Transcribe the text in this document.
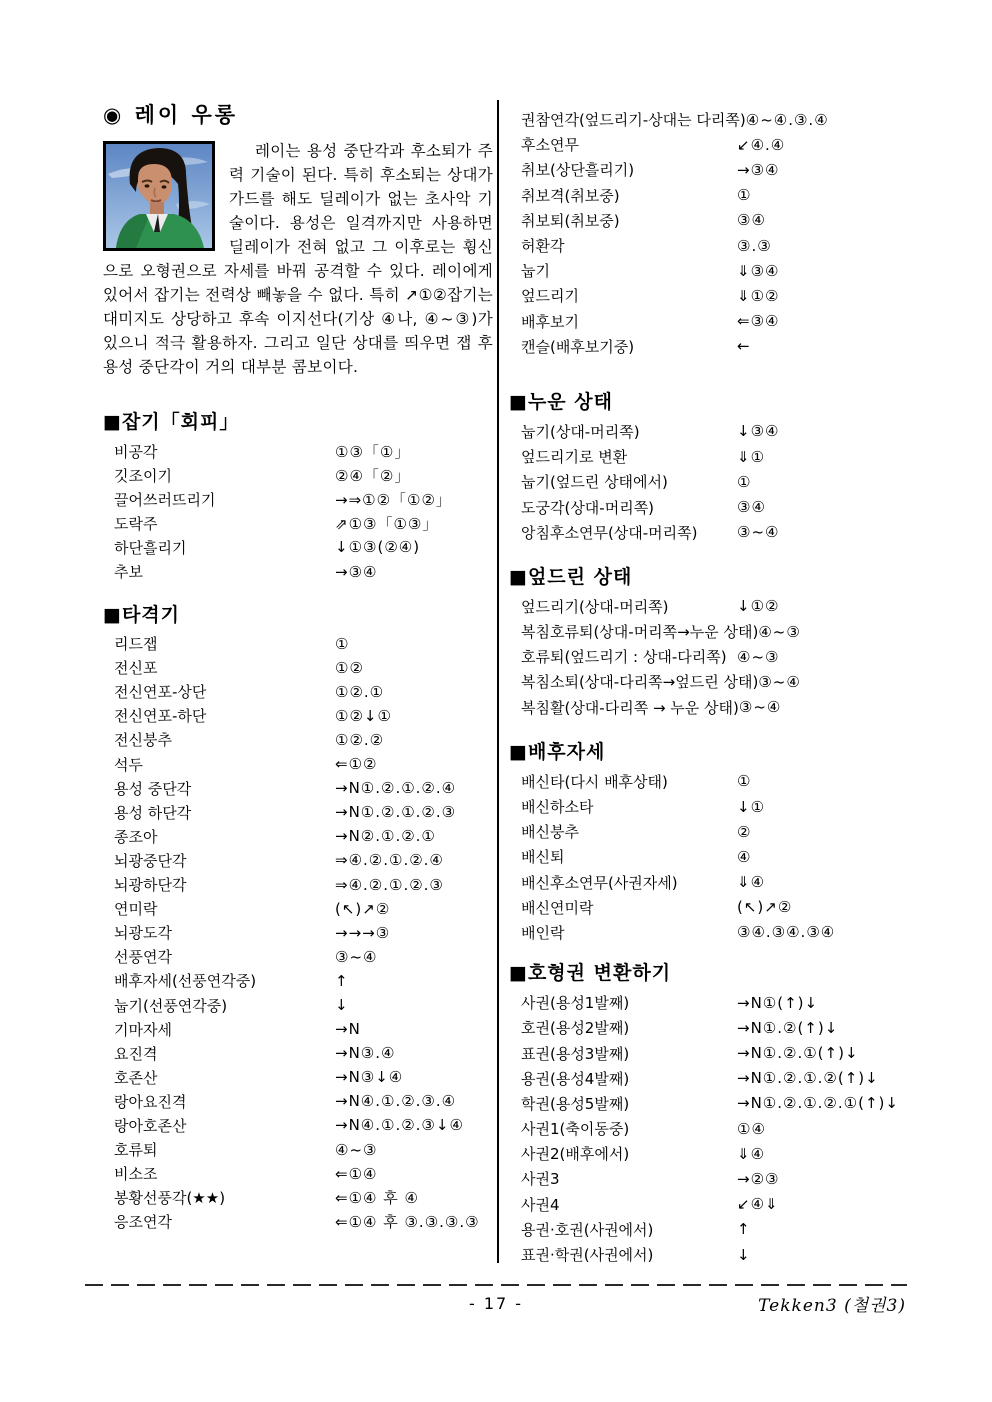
◉ 레이 우롱

레이는 용성 중단각과 후소퇴가 주력 기술이 된다. 특히 후소퇴는 상대가 가드를 해도 딜레이가 없는 초사악 기술이다. 용성은 일격까지만 사용하면 딜레이가 전혀 없고 그 이후로는 휭신으로 오형권으로 자세를 바꿔 공격할 수 있다. 레이에게 있어서 잡기는 전력상 빼놓을 수 없다. 특히 ↗①②잡기는 대미지도 상당하고 후속 이지선다(기상 ④나, ④~③)가 있으니 적극 활용하자. 그리고 일단 상대를 띄우면 잽 후 용성 중단각이 거의 대부분 콤보이다.

■잡기「회피」
비공각	①③「①」
깃조이기	②④「②」
끌어쓰러뜨리기	→⇒①②「①②」
도락주	⇗①③「①③」
하단흘리기	↓①③(②④)
추보	→③④
■타격기
리드잽	①
전신포	①②
전신연포-상단	①②.①
전신연포-하단	①②↓①
전신붕추	①②.②
석두	⇐①②
용성 중단각	→N①.②.①.②.④
용성 하단각	→N①.②.①.②.③
종조아	→N②.①.②.①
뇌광중단각	⇒④.②.①.②.④
뇌광하단각	⇒④.②.①.②.③
연미락	(↖)↗②
뇌광도각	→→→③
선풍연각	③~④
배후자세(선풍연각중)	↑
눕기(선풍연각중)	↓
기마자세	→N
요진격	→N③.④
호존산	→N③↓④
랑아요진격	→N④.①.②.③.④
랑아호존산	→N④.①.②.③↓④
호류퇴	④~③
비소조	⇐①④
봉황선풍각(★★)	⇐①④ 후 ④
응조연각	⇐①④ 후 ③.③.③.③
권참연각(엎드리기-상대는 다리쪽) ④~④.③.④
후소연무	↙④.④
취보(상단흘리기)	→③④
취보격(취보중)	①
취보퇴(취보중)	③④
허환각	③.③
눕기	⇓③④
엎드리기	⇓①②
배후보기	⇐③④
캔슬(배후보기중)	←
■누운 상태
눕기(상대-머리쪽)	↓③④
엎드리기로 변환	⇓①
눕기(엎드린 상태에서)	①
도궁각(상대-머리쪽)	③④
앙침후소연무(상대-머리쪽)	③~④
■엎드린 상태
엎드리기(상대-머리쪽)	↓①②
복침호류퇴(상대-머리쪽→누운 상태) ④~③
호류퇴(엎드리기 : 상대-다리쪽) ④~③
복침소퇴(상대-다리쪽→엎드린 상태) ③~④
복침활(상대-다리쪽 → 누운 상태) ③~④
■배후자세
배신타(다시 배후상태)	①
배신하소타	↓①
배신붕추	②
배신퇴	④
배신후소연무(사권자세)	⇓④
배신연미락	(↖)↗②
배인락	③④.③④.③④
■호형권 변환하기
사권(용성1발째)	→N①(↑)↓
호권(용성2발째)	→N①.②(↑)↓
표권(용성3발째)	→N①.②.①(↑)↓
용권(용성4발째)	→N①.②.①.②(↑)↓
학권(용성5발째)	→N①.②.①.②.①(↑)↓
사권1(축이동중)	①④
사권2(배후에서)	⇓④
사권3	→②③
사권4	↙④⇓
용권·호권(사권에서)	↑
표권·학권(사권에서)	↓
- 17 -	Tekken3 (철권3)
